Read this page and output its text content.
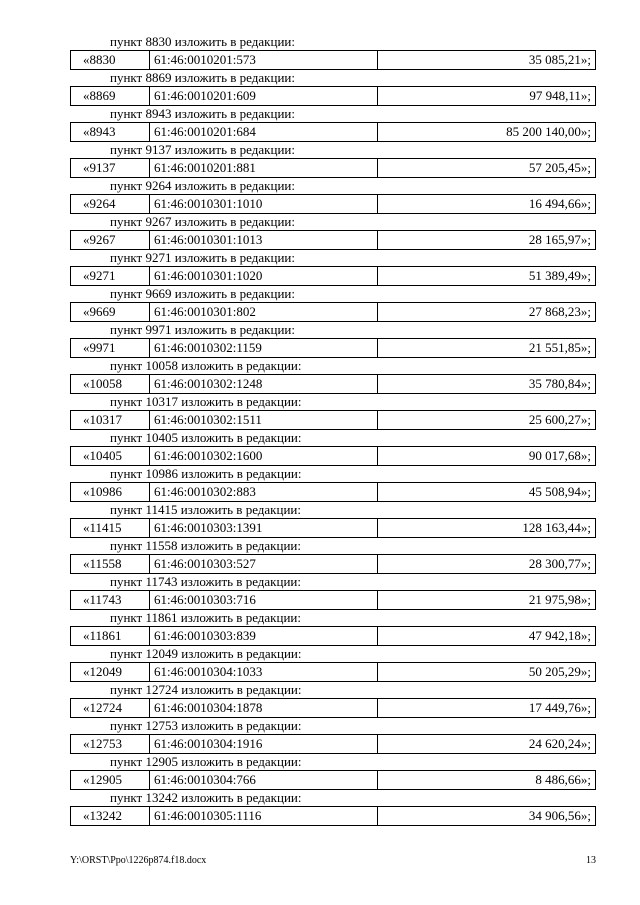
пункт 8830 изложить в редакции:
«8830	61:46:0010201:573	35 085,21»;
пункт 8869 изложить в редакции:
«8869	61:46:0010201:609	97 948,11»;
пункт 8943 изложить в редакции:
«8943	61:46:0010201:684	85 200 140,00»;
пункт 9137 изложить в редакции:
«9137	61:46:0010201:881	57 205,45»;
пункт 9264 изложить в редакции:
«9264	61:46:0010301:1010	16 494,66»;
пункт 9267 изложить в редакции:
«9267	61:46:0010301:1013	28 165,97»;
пункт 9271 изложить в редакции:
«9271	61:46:0010301:1020	51 389,49»;
пункт 9669 изложить в редакции:
«9669	61:46:0010301:802	27 868,23»;
пункт 9971 изложить в редакции:
«9971	61:46:0010302:1159	21 551,85»;
пункт 10058 изложить в редакции:
«10058	61:46:0010302:1248	35 780,84»;
пункт 10317 изложить в редакции:
«10317	61:46:0010302:1511	25 600,27»;
пункт 10405 изложить в редакции:
«10405	61:46:0010302:1600	90 017,68»;
пункт 10986 изложить в редакции:
«10986	61:46:0010302:883	45 508,94»;
пункт 11415 изложить в редакции:
«11415	61:46:0010303:1391	128 163,44»;
пункт 11558 изложить в редакции:
«11558	61:46:0010303:527	28 300,77»;
пункт 11743 изложить в редакции:
«11743	61:46:0010303:716	21 975,98»;
пункт 11861 изложить в редакции:
«11861	61:46:0010303:839	47 942,18»;
пункт 12049 изложить в редакции:
«12049	61:46:0010304:1033	50 205,29»;
пункт 12724 изложить в редакции:
«12724	61:46:0010304:1878	17 449,76»;
пункт 12753 изложить в редакции:
«12753	61:46:0010304:1916	24 620,24»;
пункт 12905 изложить в редакции:
«12905	61:46:0010304:766	8 486,66»;
пункт 13242 изложить в редакции:
«13242	61:46:0010305:1116	34 906,56»;
Y:\ORST\Ppo\1226p874.f18.docx	13
